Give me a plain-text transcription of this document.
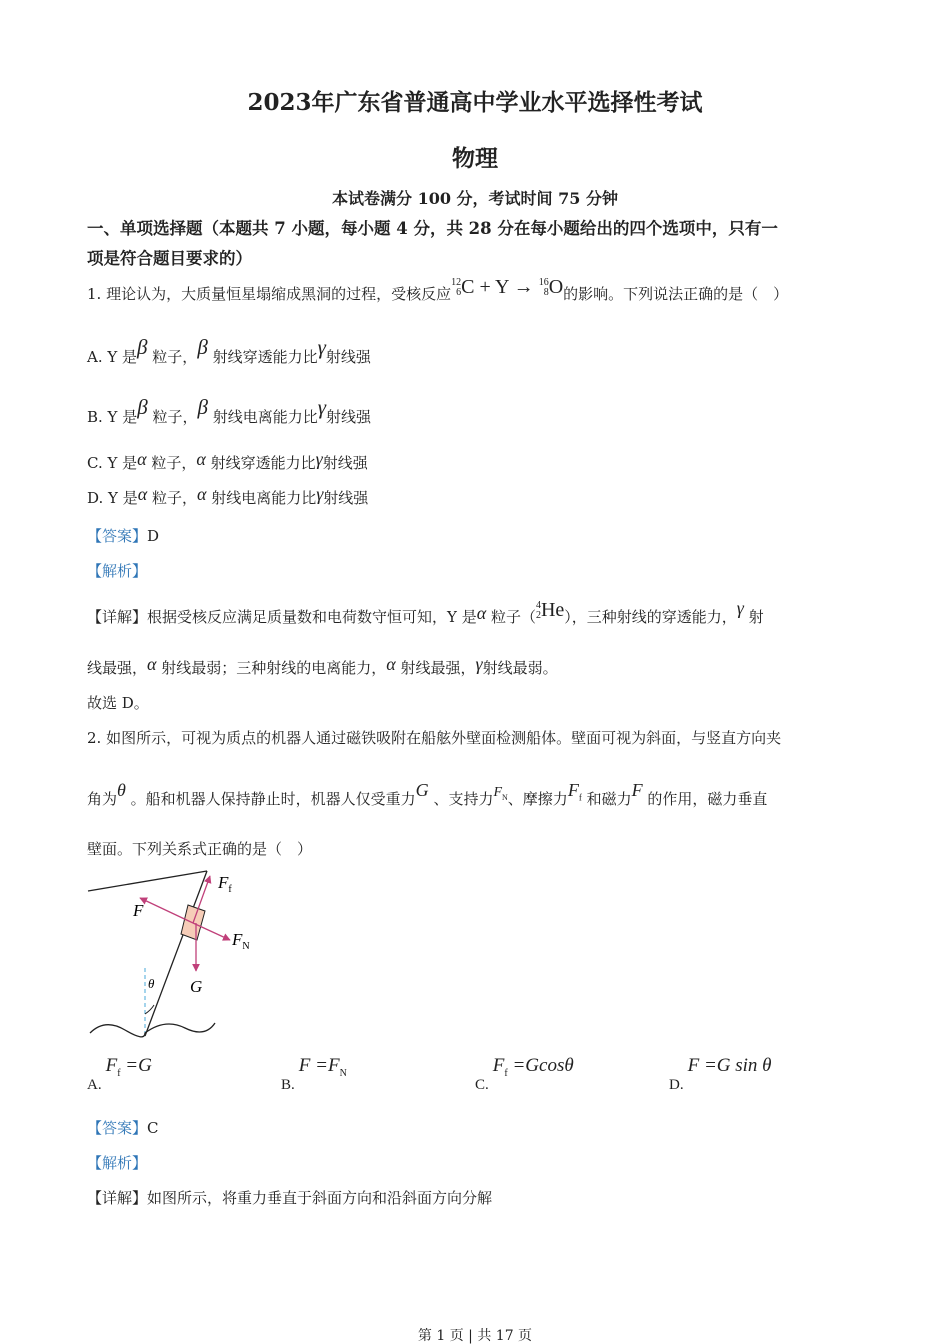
2023年广东省普通高中学业水平选择性考试
物理
本试卷满分 100 分，考试时间 75 分钟
一、单项选择题（本题共 7 小题，每小题 4 分，共 28 分在每小题给出的四个选项中，只有一
项是符合题目要求的）
1. 理论认为，大质量恒星塌缩成黑洞的过程，受核反应
12
6 C + Y → 16
8 O的影响。下列说法正确的是（　）
A. Y 是β 粒子，β 射线穿透能力比γ射线强
B. Y 是β 粒子，β 射线电离能力比γ射线强
C. Y 是α 粒子，α 射线穿透能力比γ射线强
D. Y 是α 粒子，α 射线电离能力比γ射线强
【答案】D
【解析】
【详解】根据受核反应满足质量数和电荷数守恒可知，Y 是α 粒子（
4
2 He），三种射线的穿透能力，γ 射
线最强，α 射线最弱；三种射线的电离能力，α 射线最强，γ射线最弱。
故选 D。
2. 如图所示，可视为质点的机器人通过磁铁吸附在船舷外壁面检测船体。壁面可视为斜面，与竖直方向夹
角为θ 。船和机器人保持静止时，机器人仅受重力G 、支持力$F_N$、摩擦力$F_f$ 和磁力F 的作用，磁力垂直
壁面。下列关系式正确的是（　）
$F_f$
F
$F_N$
G
θ
$A.F_f =G$
$B.F =F_N$
$C.F_f =Gcos\theta$
D.F =G sin θ
【答案】C
【解析】
【详解】如图所示，将重力垂直于斜面方向和沿斜面方向分解
第 1 页 | 共 17 页
